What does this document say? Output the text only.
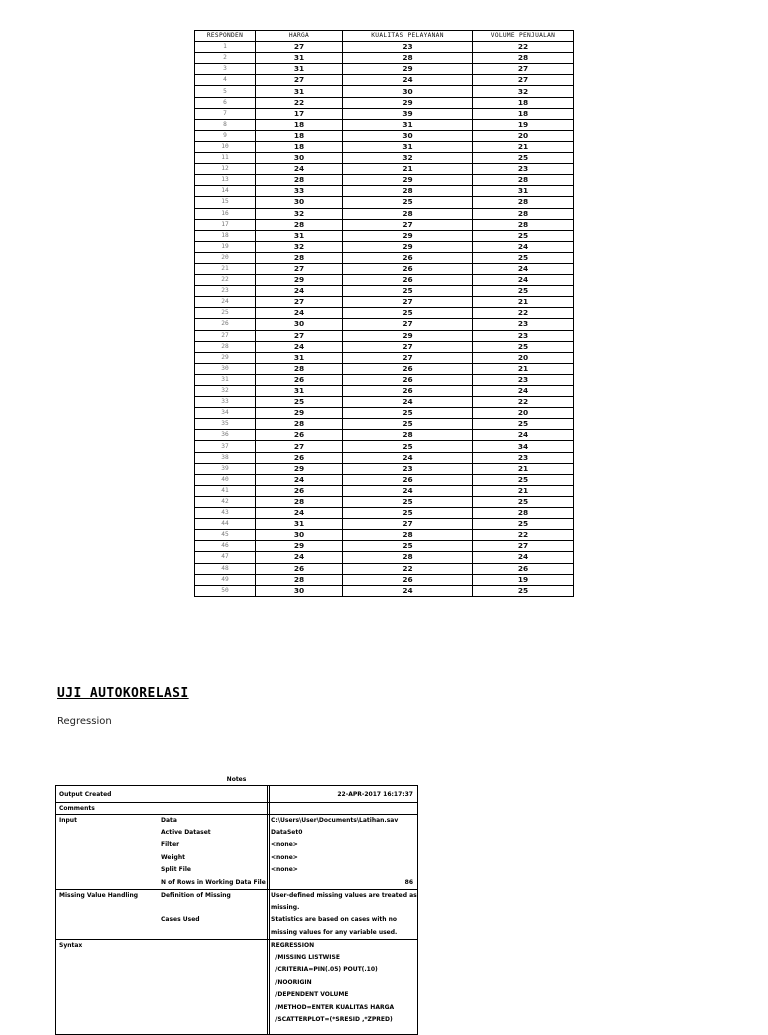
RESPONDEN	HARGA	KUALITAS PELAYANAN	VOLUME PENJUALAN
1	27	23	22
2	31	28	28
3	31	29	27
4	27	24	27
5	31	30	32
6	22	29	18
7	17	39	18
8	18	31	19
9	18	30	20
10	18	31	21
11	30	32	25
12	24	21	23
13	28	29	28
14	33	28	31
15	30	25	28
16	32	28	28
17	28	27	28
18	31	29	25
19	32	29	24
20	28	26	25
21	27	26	24
22	29	26	24
23	24	25	25
24	27	27	21
25	24	25	22
26	30	27	23
27	27	29	23
28	24	27	25
29	31	27	20
30	28	26	21
31	26	26	23
32	31	26	24
33	25	24	22
34	29	25	20
35	28	25	25
36	26	28	24
37	27	25	34
38	26	24	23
39	29	23	21
40	24	26	25
41	26	24	21
42	28	25	25
43	24	25	28
44	31	27	25
45	30	28	22
46	29	25	27
47	24	28	24
48	26	22	26
49	28	26	19
50	30	24	25
UJI AUTOKORELASI
Regression
Notes
Output Created	22-APR-2017 16:17:37
Comments
Input	Data	C:\Users\User\Documents\Latihan.sav
Active Dataset	DataSet0
Filter	<none>
Weight	<none>
Split File	<none>
N of Rows in Working Data File	86
Missing Value Handling	Definition of Missing	User-defined missing values are treated as
missing.
Cases Used	Statistics are based on cases with no
missing values for any variable used.
Syntax	REGRESSION
/MISSING LISTWISE
/CRITERIA=PIN(.05) POUT(.10)
/NOORIGIN
/DEPENDENT VOLUME
/METHOD=ENTER KUALITAS HARGA
/SCATTERPLOT=(*SRESID ,*ZPRED)
